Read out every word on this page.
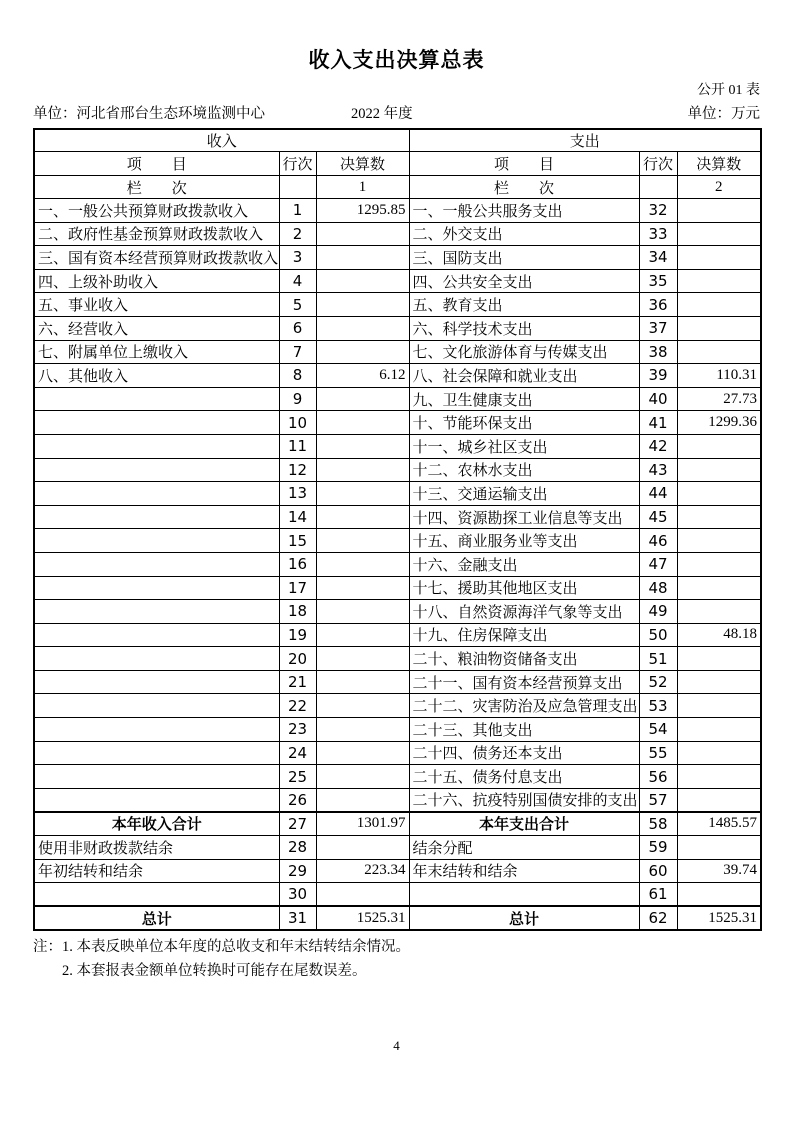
收入支出决算总表
公开 01 表
单位：河北省邢台生态环境监测中心	2022 年度	单位：万元
收入			支出		
项　　目	行次	决算数	项　　目	行次	决算数
栏　　次		1	栏　　次		2
一、一般公共预算财政拨款收入	1	1295.85	一、一般公共服务支出	32	
二、政府性基金预算财政拨款收入	2		二、外交支出	33	
三、国有资本经营预算财政拨款收入	3		三、国防支出	34	
四、上级补助收入	4		四、公共安全支出	35	
五、事业收入	5		五、教育支出	36	
六、经营收入	6		六、科学技术支出	37	
七、附属单位上缴收入	7		七、文化旅游体育与传媒支出	38	
八、其他收入	8	6.12	八、社会保障和就业支出	39	110.31
	9		九、卫生健康支出	40	27.73
	10		十、节能环保支出	41	1299.36
	11		十一、城乡社区支出	42	
	12		十二、农林水支出	43	
	13		十三、交通运输支出	44	
	14		十四、资源勘探工业信息等支出	45	
	15		十五、商业服务业等支出	46	
	16		十六、金融支出	47	
	17		十七、援助其他地区支出	48	
	18		十八、自然资源海洋气象等支出	49	
	19		十九、住房保障支出	50	48.18
	20		二十、粮油物资储备支出	51	
	21		二十一、国有资本经营预算支出	52	
	22		二十二、灾害防治及应急管理支出	53	
	23		二十三、其他支出	54	
	24		二十四、债务还本支出	55	
	25		二十五、债务付息支出	56	
	26		二十六、抗疫特别国债安排的支出	57	
本年收入合计	27	1301.97	本年支出合计	58	1485.57
使用非财政拨款结余	28		结余分配	59	
年初结转和结余	29	223.34	年末结转和结余	60	39.74
	30			61	
总计	31	1525.31	总计	62	1525.31
注：1. 本表反映单位本年度的总收支和年末结转结余情况。
2. 本套报表金额单位转换时可能存在尾数误差。
4
